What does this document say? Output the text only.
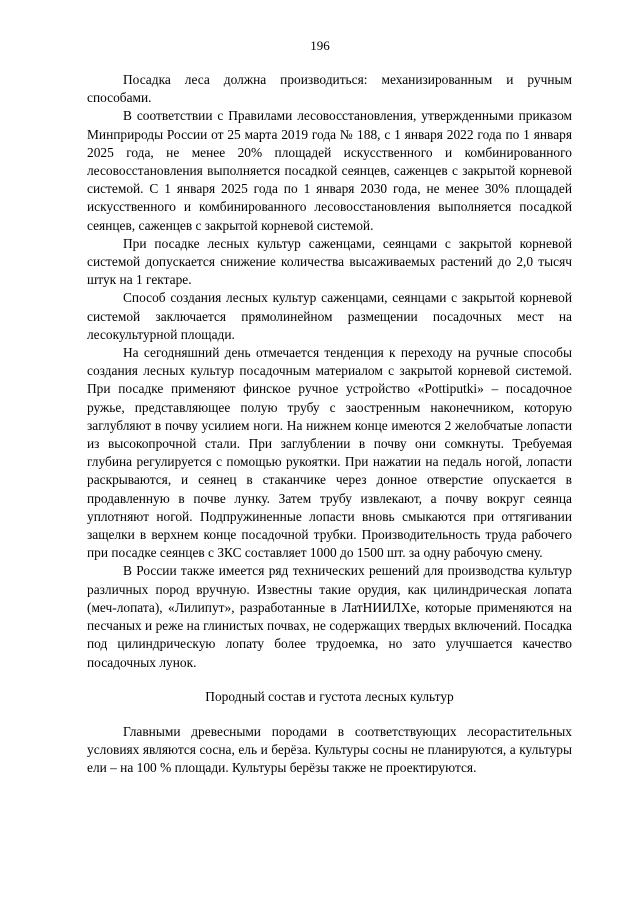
196

Посадка леса должна производиться: механизированным и ручным способами.

В соответствии с Правилами лесовосстановления, утвержденными приказом Минприроды России от 25 марта 2019 года № 188, с 1 января 2022 года по 1 января 2025 года, не менее 20% площадей искусственного и комбинированного лесовосстановления выполняется посадкой сеянцев, саженцев с закрытой корневой системой. С 1 января 2025 года по 1 января 2030 года, не менее 30% площадей искусственного и комбинированного лесовосстановления выполняется посадкой сеянцев, саженцев с закрытой корневой системой.

При посадке лесных культур саженцами, сеянцами с закрытой корневой системой допускается снижение количества высаживаемых растений до 2,0 тысяч штук на 1 гектаре.

Способ создания лесных культур саженцами, сеянцами с закрытой корневой системой заключается прямолинейном размещении посадочных мест на лесокультурной площади.

На сегодняшний день отмечается тенденция к переходу на ручные способы создания лесных культур посадочным материалом с закрытой корневой системой. При посадке применяют финское ручное устройство «Pottiputki» – посадочное ружье, представляющее полую трубу с заостренным наконечником, которую заглубляют в почву усилием ноги. На нижнем конце имеются 2 желобчатые лопасти из высокопрочной стали. При заглублении в почву они сомкнуты. Требуемая глубина регулируется с помощью рукоятки. При нажатии на педаль ногой, лопасти раскрываются, и сеянец в стаканчике через донное отверстие опускается в продавленную в почве лунку. Затем трубу извлекают, а почву вокруг сеянца уплотняют ногой. Подпружиненные лопасти вновь смыкаются при оттягивании защелки в верхнем конце посадочной трубки. Производительность труда рабочего при посадке сеянцев с ЗКС составляет 1000 до 1500 шт. за одну рабочую смену.

В России также имеется ряд технических решений для производства культур различных пород вручную. Известны такие орудия, как цилиндрическая лопата (меч-лопата), «Лилипут», разработанные в ЛатНИИЛХе, которые применяются на песчаных и реже на глинистых почвах, не содержащих твердых включений. Посадка под цилиндрическую лопату более трудоемка, но зато улучшается качество посадочных лунок.

Породный состав и густота лесных культур

Главными древесными породами в соответствующих лесорастительных условиях являются сосна, ель и берёза. Культуры сосны не планируются, а культуры ели – на 100 % площади. Культуры берёзы также не проектируются.
